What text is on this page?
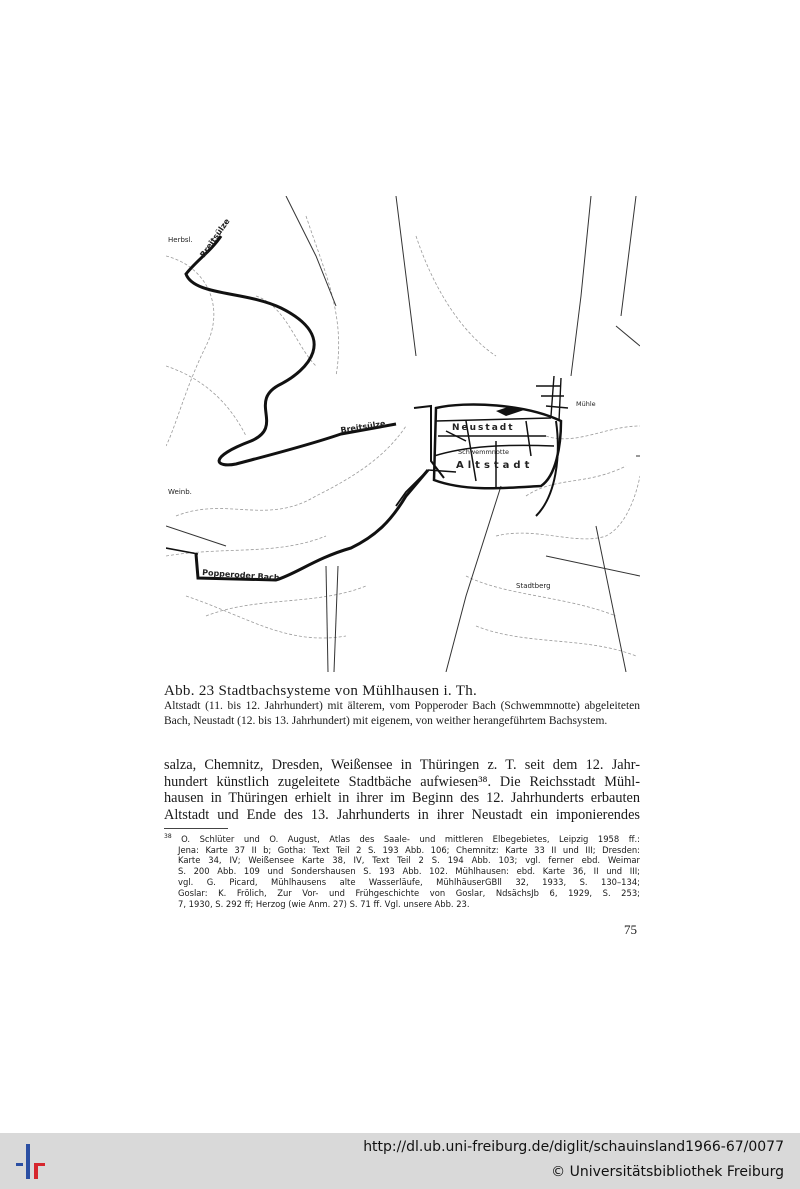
Herbsl. Breitsülze
Breitsülze	Neustadt
Altstadt
Schwemmnotte
Weinb.
Popperoder Bach
Stadtberg
Mühle
Abb. 23 Stadtbachsysteme von Mühlhausen i. Th.
Altstadt (11. bis 12. Jahrhundert) mit älterem, vom Popperoder Bach (Schwemmnotte) abgeleiteten Bach, Neustadt (12. bis 13. Jahrhundert) mit eigenem, von weither herangeführtem Bachsystem.
salza, Chemnitz, Dresden, Weißensee in Thüringen z. T. seit dem 12. Jahr-
hundert künstlich zugeleitete Stadtbäche aufwiesen³⁸. Die Reichsstadt Mühl-
hausen in Thüringen erhielt in ihrer im Beginn des 12. Jahrhunderts erbauten
Altstadt und Ende des 13. Jahrhunderts in ihrer Neustadt ein imponierendes
$^{38}$ O. Schlüter und O. August, Atlas des Saale- und mittleren Elbegebietes, Leipzig 1958 ff.:
Jena: Karte 37 II b; Gotha: Text Teil 2 S. 193 Abb. 106; Chemnitz: Karte 33 II und III; Dresden:
Karte 34, IV; Weißensee Karte 38, IV, Text Teil 2 S. 194 Abb. 103; vgl. ferner ebd. Weimar
S. 200 Abb. 109 und Sondershausen S. 193 Abb. 102. Mühlhausen: ebd. Karte 36, II und III;
vgl. G. Picard, Mühlhausens alte Wasserläufe, MühlhäuserGBll 32, 1933, S. 130–134;
Goslar: K. Frölich, Zur Vor- und Frühgeschichte von Goslar, NdsächsJb 6, 1929, S. 253;
7, 1930, S. 292 ff; Herzog (wie Anm. 27) S. 71 ff. Vgl. unsere Abb. 23.
75
http://dl.ub.uni-freiburg.de/diglit/schauinsland1966-67/0077
© Universitätsbibliothek Freiburg
